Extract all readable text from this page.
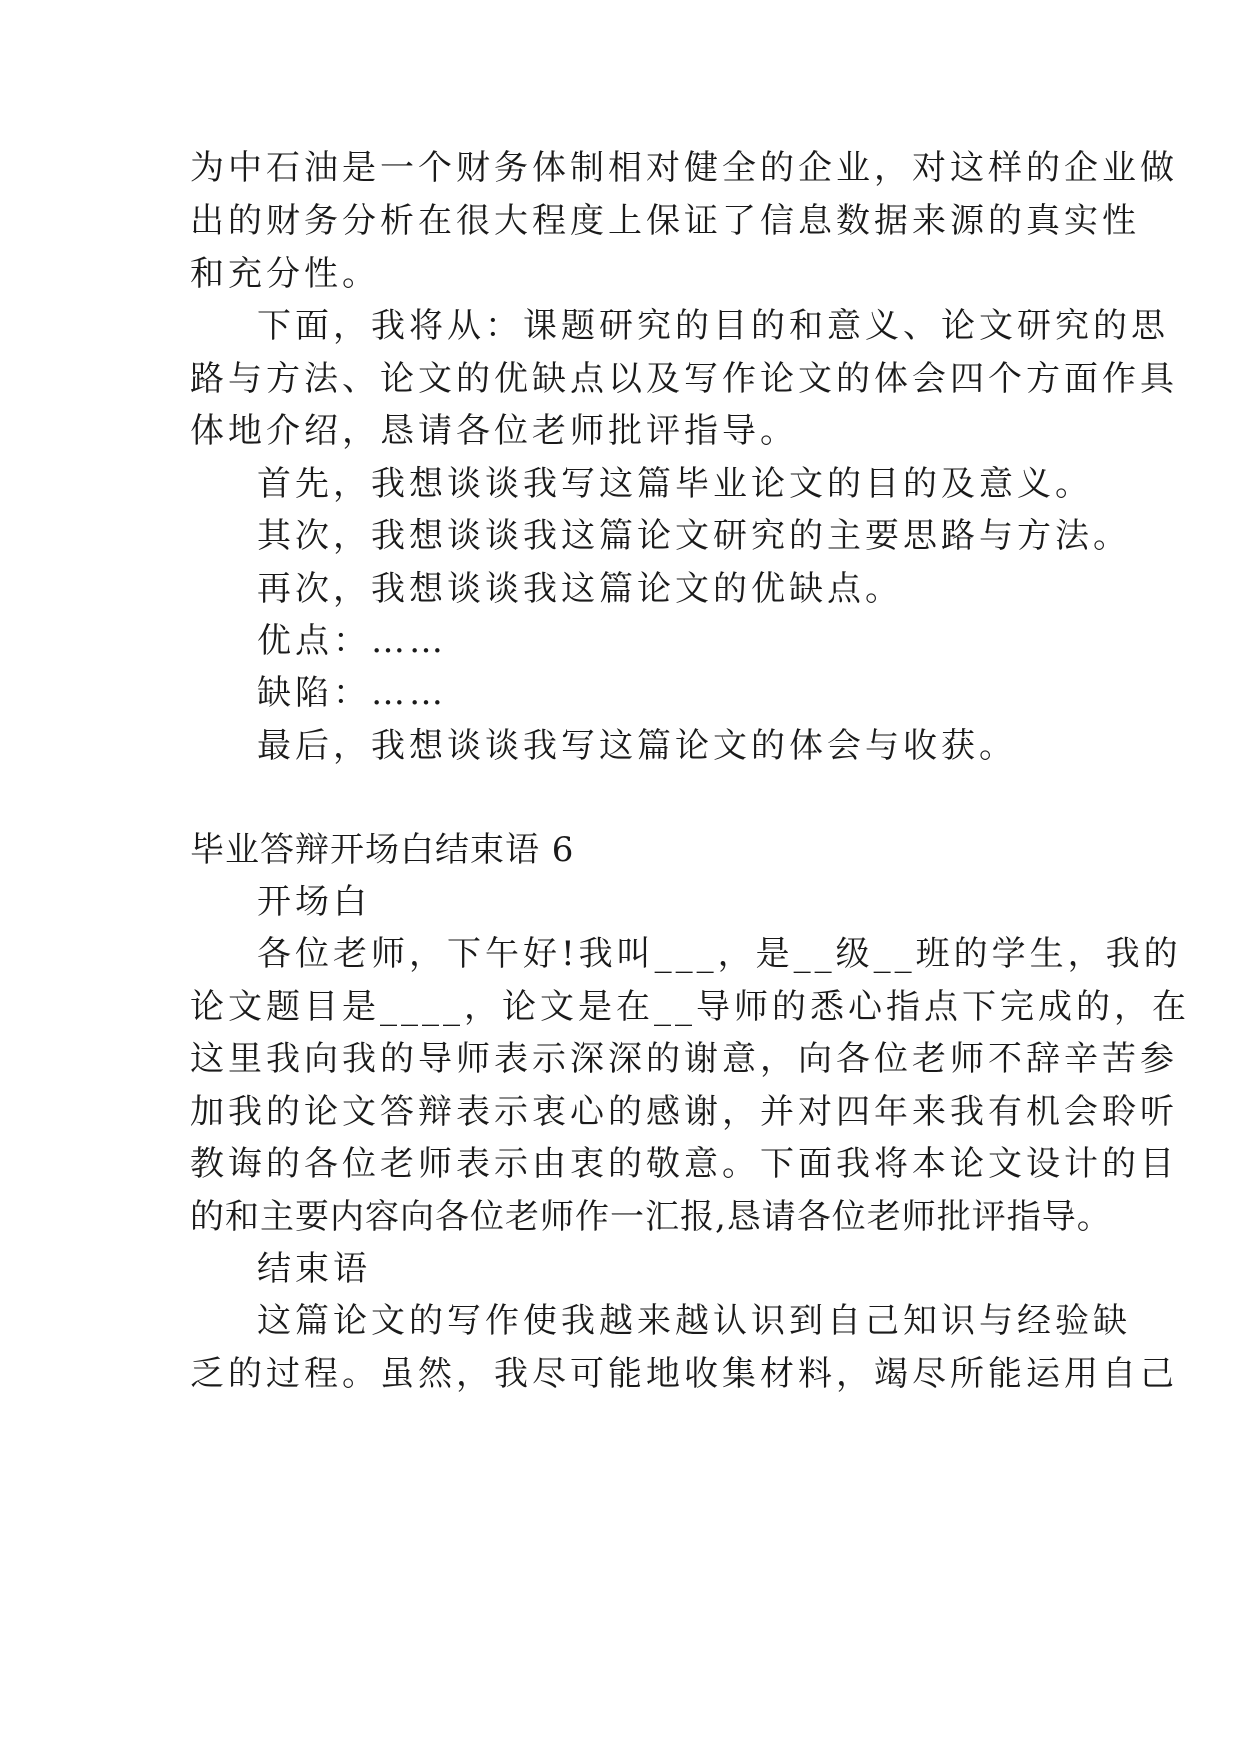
为中石油是一个财务体制相对健全的企业，对这样的企业做
出的财务分析在很大程度上保证了信息数据来源的真实性
和充分性。
下面，我将从：课题研究的目的和意义、论文研究的思
路与方法、论文的优缺点以及写作论文的体会四个方面作具
体地介绍，恳请各位老师批评指导。
首先，我想谈谈我写这篇毕业论文的目的及意义。
其次，我想谈谈我这篇论文研究的主要思路与方法。
再次，我想谈谈我这篇论文的优缺点。
优点：……
缺陷：……
最后，我想谈谈我写这篇论文的体会与收获。
毕业答辩开场白结束语 6
开场白
各位老师，下午好!我叫___，是__级__班的学生，我的
论文题目是____，论文是在__导师的悉心指点下完成的，在
这里我向我的导师表示深深的谢意，向各位老师不辞辛苦参
加我的论文答辩表示衷心的感谢，并对四年来我有机会聆听
教诲的各位老师表示由衷的敬意。下面我将本论文设计的目
的和主要内容向各位老师作一汇报,恳请各位老师批评指导。
结束语
这篇论文的写作使我越来越认识到自己知识与经验缺
乏的过程。虽然，我尽可能地收集材料，竭尽所能运用自己
